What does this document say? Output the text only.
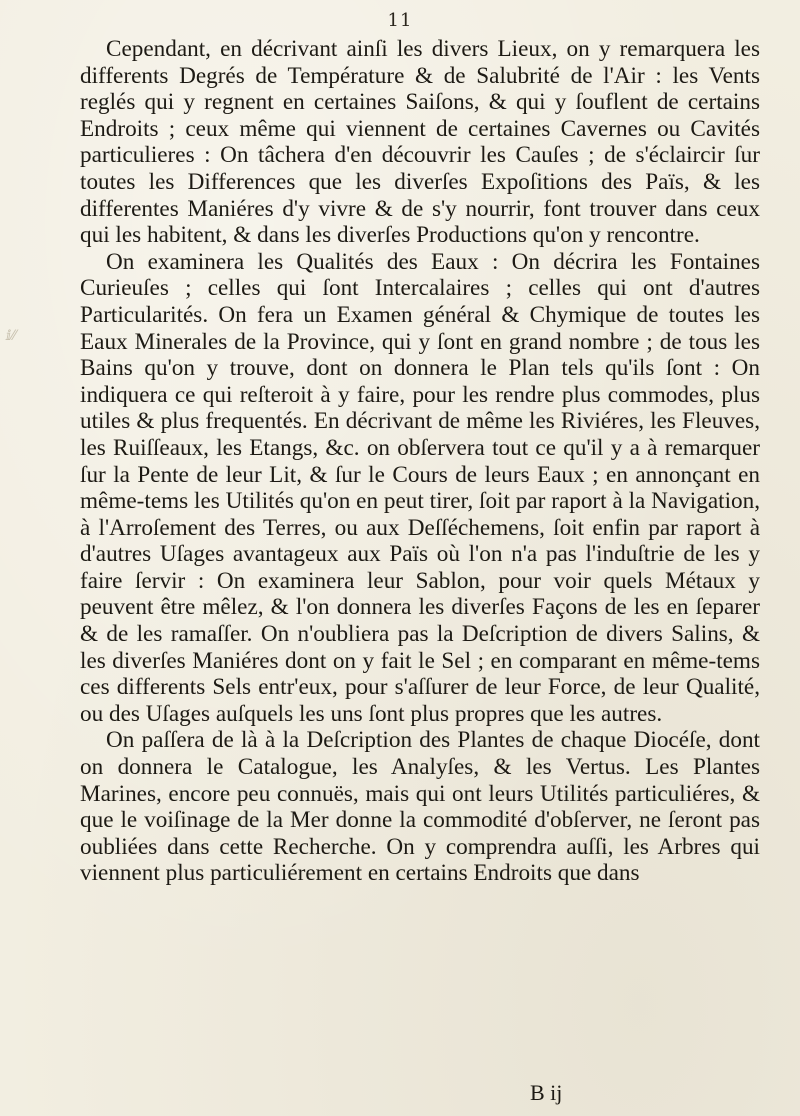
11
ⅈ⁄⁄

Cependant, en décrivant ainſi les divers Lieux, on y remarquera les differents Degrés de Température & de Salubrité de l'Air : les Vents reglés qui y regnent en certaines Saiſons, & qui y ſouflent de certains Endroits ; ceux même qui viennent de certaines Cavernes ou Cavités particulieres : On tâchera d'en découvrir les Cauſes ; de s'éclaircir ſur toutes les Differences que les diverſes Expoſitions des Païs, & les differentes Maniéres d'y vivre & de s'y nourrir, font trouver dans ceux qui les habitent, & dans les diverſes Productions qu'on y rencontre.

On examinera les Qualités des Eaux : On décrira les Fontaines Curieuſes ; celles qui ſont Intercalaires ; celles qui ont d'autres Particularités. On fera un Examen général & Chymique de toutes les Eaux Minerales de la Province, qui y ſont en grand nombre ; de tous les Bains qu'on y trouve, dont on donnera le Plan tels qu'ils ſont : On indiquera ce qui reſteroit à y faire, pour les rendre plus commodes, plus utiles & plus frequentés. En décrivant de même les Riviéres, les Fleuves, les Ruiſſeaux, les Etangs, &c. on obſervera tout ce qu'il y a à remarquer ſur la Pente de leur Lit, & ſur le Cours de leurs Eaux ; en annonçant en même-tems les Utilités qu'on en peut tirer, ſoit par raport à la Navigation, à l'Arroſement des Terres, ou aux Deſſéchemens, ſoit enfin par raport à d'autres Uſages avantageux aux Païs où l'on n'a pas l'induſtrie de les y faire ſervir : On examinera leur Sablon, pour voir quels Métaux y peuvent être mêlez, & l'on donnera les diverſes Façons de les en ſeparer & de les ramaſſer. On n'oubliera pas la Deſcription de divers Salins, & les diverſes Maniéres dont on y fait le Sel ; en comparant en même-tems ces differents Sels entr'eux, pour s'aſſurer de leur Force, de leur Qualité, ou des Uſages auſquels les uns ſont plus propres que les autres.

On paſſera de là à la Deſcription des Plantes de chaque Diocéſe, dont on donnera le Catalogue, les Analyſes, & les Vertus. Les Plantes Marines, encore peu connuës, mais qui ont leurs Utilités particuliéres, & que le voiſinage de la Mer donne la commodité d'obſerver, ne ſeront pas oubliées dans cette Recherche. On y comprendra auſſi, les Arbres qui viennent plus particuliérement en certains Endroits que dans

B ij
